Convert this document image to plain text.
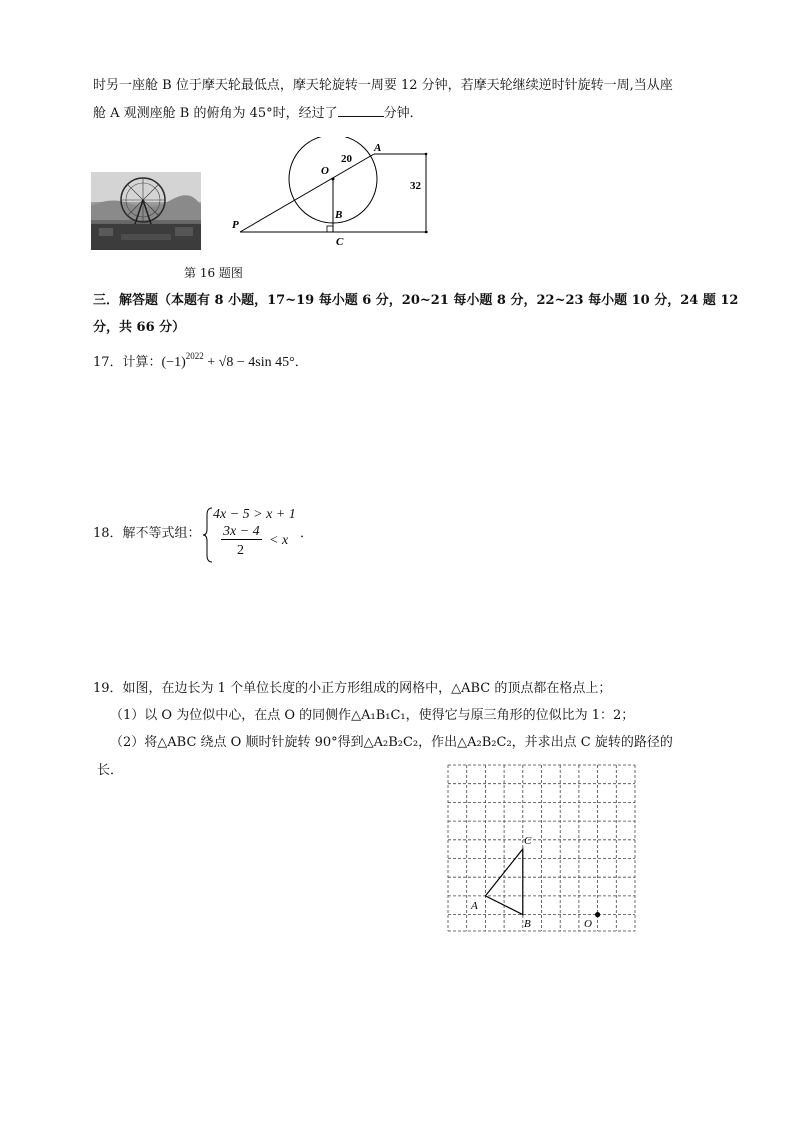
时另一座舱 B 位于摩天轮最低点，摩天轮旋转一周要 12 分钟，若摩天轮继续逆时针旋转一周,当从座
舱 A 观测座舱 B 的俯角为 45°时，经过了	分钟．
O
20
A
32
B
C
P
第 16 题图
三．解答题（本题有 8 小题，17~19 每小题 6 分，20~21 每小题 8 分，22~23 每小题 10 分，24 题 12
分，共 66 分）
17．计算：$(-1)^{2022} + √8 - 4\sin$ 45°．
18．解不等式组：
4x − 5 > x + 1
3x − 4
2
< x ．
19．如图，在边长为 1 个单位长度的小正方形组成的网格中，△ABC 的顶点都在格点上；
（1）以 O 为位似中心，在点 O 的同侧作△A₁B₁C₁，使得它与原三角形的位似比为 1：2；
（2）将△ABC 绕点 O 顺时针旋转 90°得到△A₂B₂C₂，作出△A₂B₂C₂，并求出点 C 旋转的路径的
长．
A
B
C
O
